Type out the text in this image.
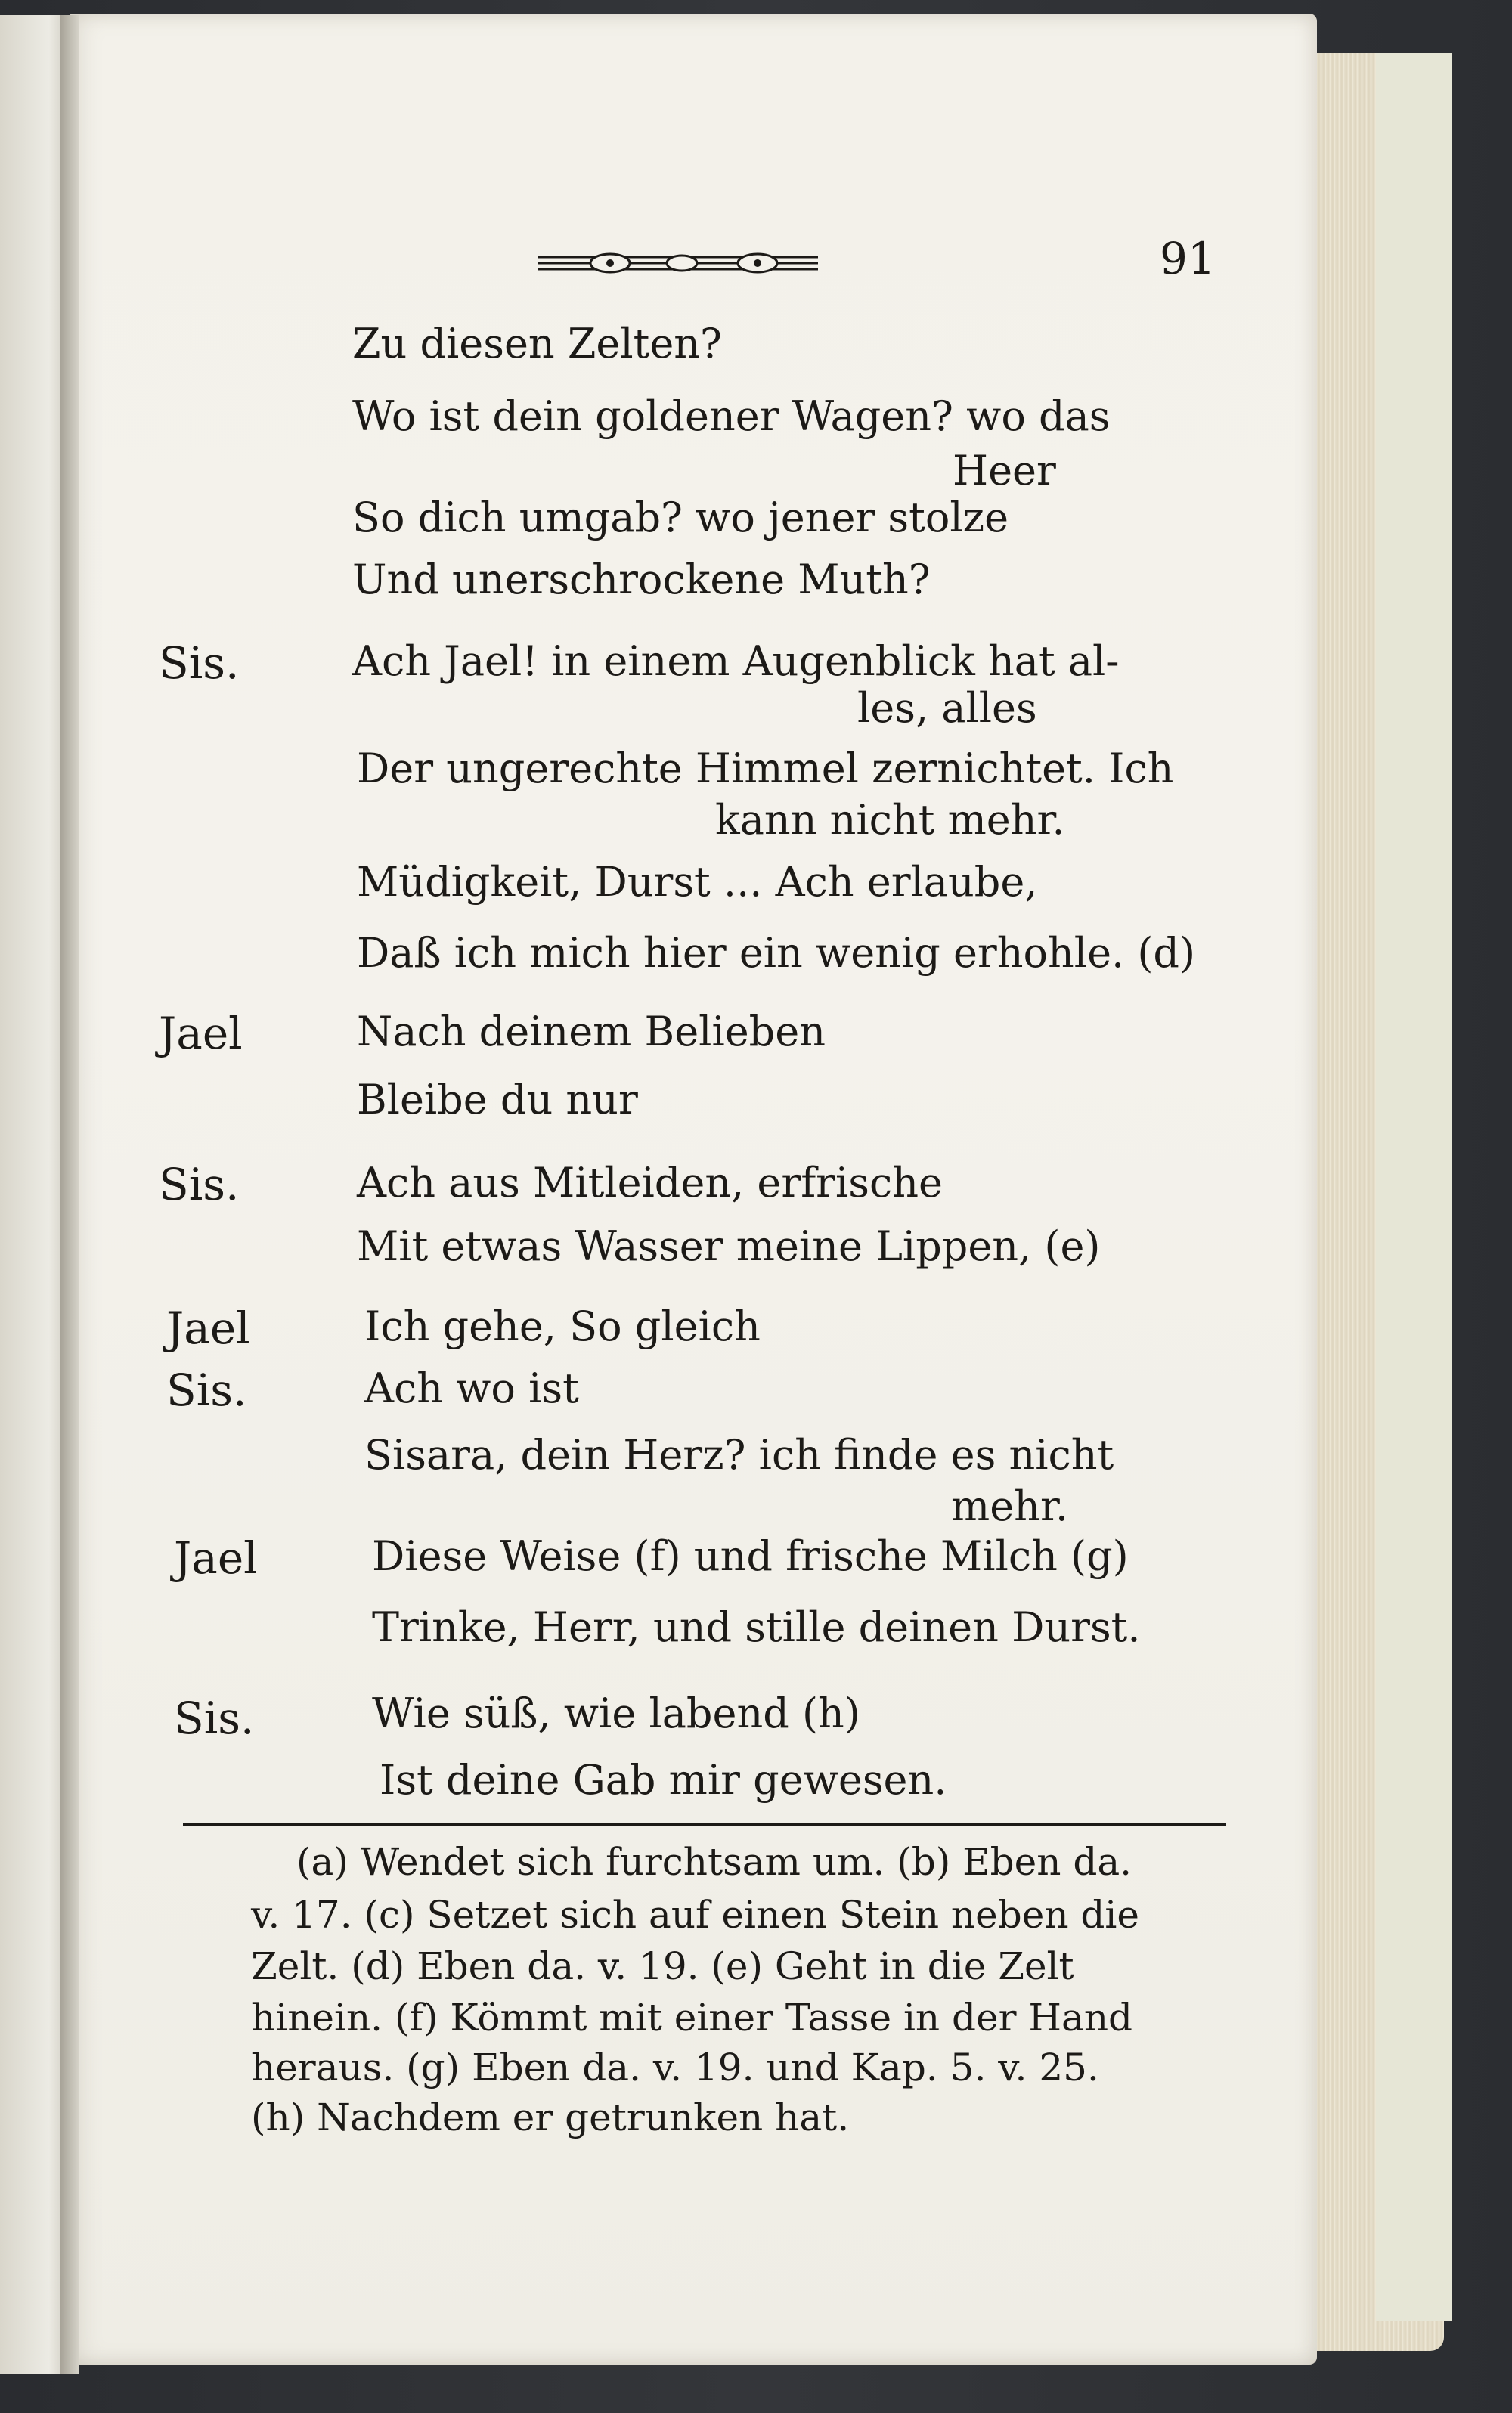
91
Zu diesen Zelten?
Wo ist dein goldener Wagen? wo das
Heer
So dich umgab? wo jener stolze
Und unerschrockene Muth?
Ach Jael! in einem Augenblick hat al-
les, alles
Der ungerechte Himmel zernichtet. Ich
kann nicht mehr.
Müdigkeit, Durst ... Ach erlaube,
Daß ich mich hier ein wenig erhohle. (d)
Nach deinem Belieben
Bleibe du nur
Ach aus Mitleiden, erfrische
Mit etwas Wasser meine Lippen, (e)
Ich gehe, So gleich
Ach wo ist
Sisara, dein Herz? ich finde es nicht
mehr.
Diese Weise (f) und frische Milch (g)
Trinke, Herr, und stille deinen Durst.
Wie süß, wie labend (h)
Ist deine Gab mir gewesen.
Sis.
Jael
Sis.
Jael
Sis.
Jael
Sis.
(a) Wendet sich furchtsam um. (b) Eben da.
v. 17. (c) Setzet sich auf einen Stein neben die
Zelt. (d) Eben da. v. 19. (e) Geht in die Zelt
hinein. (f) Kömmt mit einer Tasse in der Hand
heraus. (g) Eben da. v. 19. und Kap. 5. v. 25.
(h) Nachdem er getrunken hat.
